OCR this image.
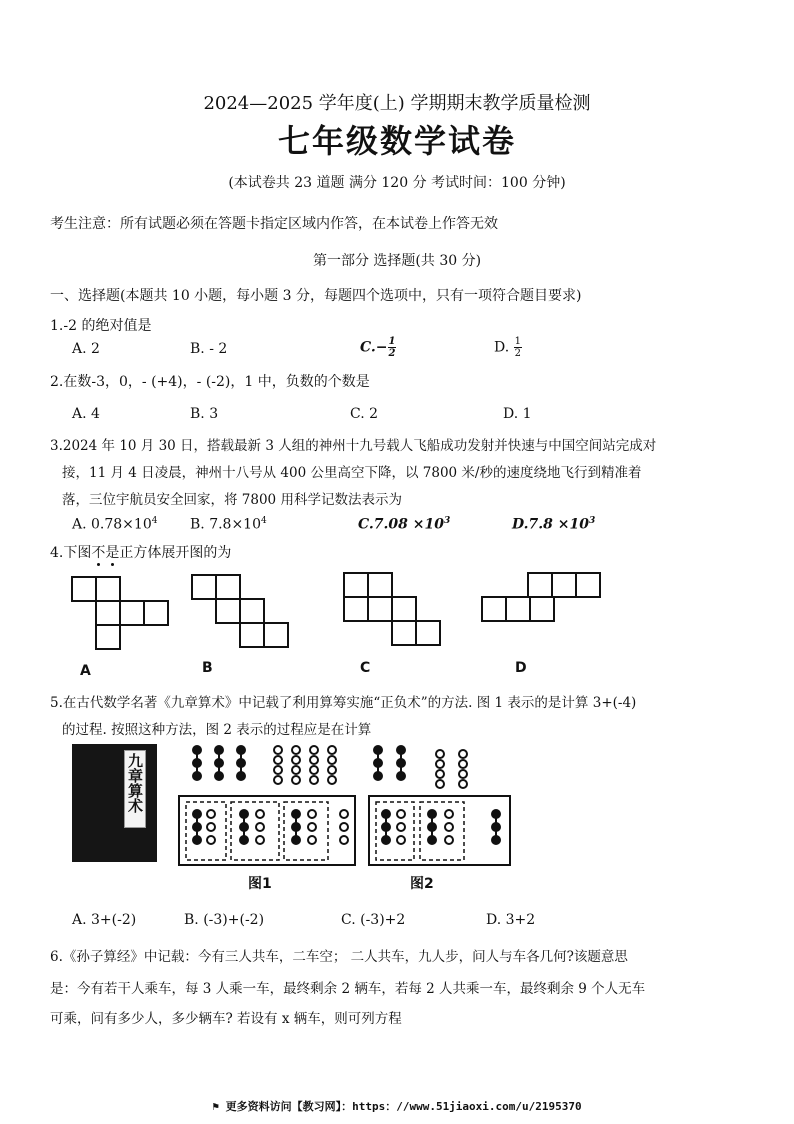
2024—2025 学年度(上) 学期期末教学质量检测
七年级数学试卷
(本试卷共 23 道题 满分 120 分 考试时间：100 分钟)
考生注意：所有试题必须在答题卡指定区域内作答，在本试卷上作答无效
第一部分 选择题(共 30 分)
一、选择题(本题共 10 小题，每小题 3 分，每题四个选项中，只有一项符合题目要求)
1.-2 的绝对值是
A. 2	B. - 2	$C.- \frac{1}{2}$	D. $\frac{1}{2}$
2.在数-3，0，- (+4)，- (-2)，1 中，负数的个数是
A. 4	B. 3	C. 2	D. 1
3.2024 年 10 月 30 日，搭载最新 3 人组的神州十九号载人飞船成功发射并快速与中国空间站完成对
接，11 月 4 日凌晨，神州十八号从 400 公里高空下降，以 7800 米/秒的速度绕地飞行到精准着
落，三位宇航员安全回家，将 7800 用科学记数法表示为
A. $0.78\times 10^4$ B. $7.8\times 10^4$	$C.7.08 \times 10^3$	$D.7.8 \times 10^3$
4.下图不是正方体展开图的为
A	B	C	D
5.在古代数学名著《九章算术》中记载了利用算筹实施“正负术”的方法. 图 1 表示的是计算 3+(-4)
的过程. 按照这种方法，图 2 表示的过程应是在计算
九章算术
图1	图2
A. 3+(-2)	B. (-3)+(-2)	C. (-3)+2	D. 3+2
6.《孙子算经》中记载：今有三人共车，二车空； 二人共车，九人步，问人与车各几何?该题意思
是：今有若干人乘车，每 3 人乘一车，最终剩余 2 辆车，若每 2 人共乘一车，最终剩余 9 个人无车
可乘，问有多少人，多少辆车? 若设有 x 辆车，则可列方程
⚑ 更多资料访问【教习网】：https：//www.51jiaoxi.com/u/2195370
